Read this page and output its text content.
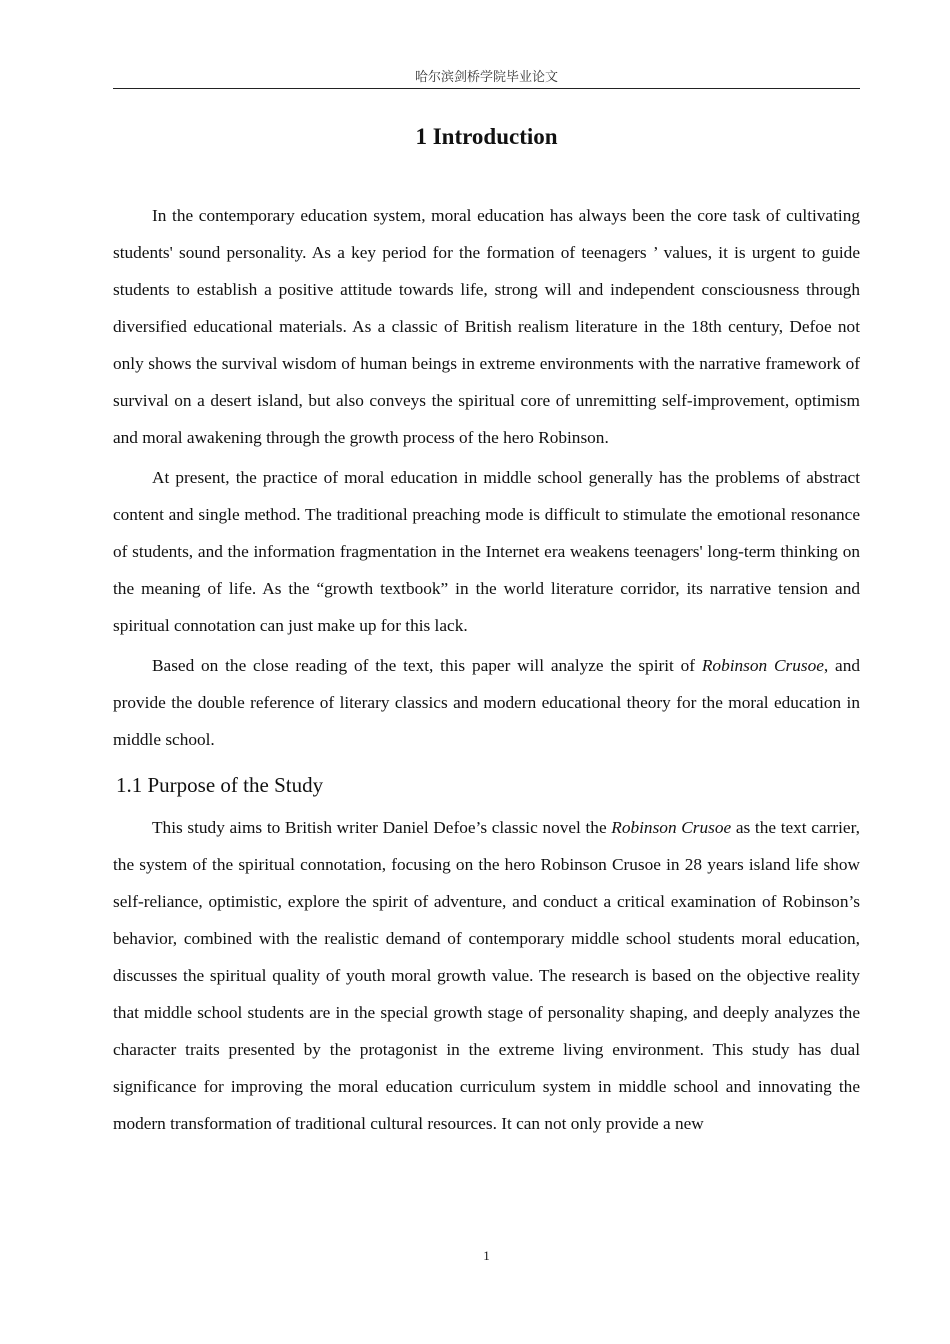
哈尔滨剑桥学院毕业论文
1 Introduction

In the contemporary education system, moral education has always been the core task of cultivating students' sound personality. As a key period for the formation of teenagers ’ values, it is urgent to guide students to establish a positive attitude towards life, strong will and independent consciousness through diversified educational materials. As a classic of British realism literature in the 18th century, Defoe not only shows the survival wisdom of human beings in extreme environments with the narrative framework of survival on a desert island, but also conveys the spiritual core of unremitting self-improvement, optimism and moral awakening through the growth process of the hero Robinson.

At present, the practice of moral education in middle school generally has the problems of abstract content and single method. The traditional preaching mode is difficult to stimulate the emotional resonance of students, and the information fragmentation in the Internet era weakens teenagers' long-term thinking on the meaning of life. As the “growth textbook” in the world literature corridor, its narrative tension and spiritual connotation can just make up for this lack.

Based on the close reading of the text, this paper will analyze the spirit of Robinson Crusoe, and provide the double reference of literary classics and modern educational theory for the moral education in middle school.

1.1 Purpose of the Study

This study aims to British writer Daniel Defoe’s classic novel the Robinson Crusoe as the text carrier, the system of the spiritual connotation, focusing on the hero Robinson Crusoe in 28 years island life show self-reliance, optimistic, explore the spirit of adventure, and conduct a critical examination of Robinson’s behavior, combined with the realistic demand of contemporary middle school students moral education, discusses the spiritual quality of youth moral growth value. The research is based on the objective reality that middle school students are in the special growth stage of personality shaping, and deeply analyzes the character traits presented by the protagonist in the extreme living environment. This study has dual significance for improving the moral education curriculum system in middle school and innovating the modern transformation of traditional cultural resources. It can not only provide a new

1
